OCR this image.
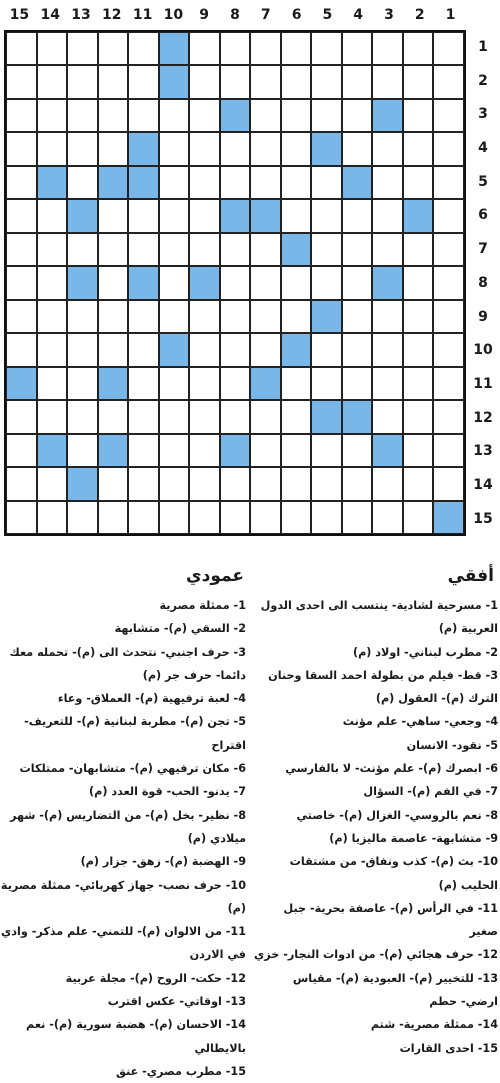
15 14 13 12 11 10	9	8	7	6	5	4	3	2	1
1
2
3
4
5
6
7
8
9
10
11
12
13
14
15
أفقي
1- مسرحية لشادية- ينتسب الى احدى الدول العربية (م)
2- مطرب لبناني- اولاد (م)
3- قط- فيلم من بطولة احمد السقا وحنان الترك (م)- العقول (م)
4- وجعي- ساهي- علم مؤنث
5- نقود- الانسان
6- ابصرك (م)- علم مؤنث- لا بالفارسي
7- في الفم (م)- السؤال
8- نعم بالروسي- الغزال (م)- خاصتي
9- متشابهة- عاصمة ماليزيا (م)
10- بث (م)- كذب ونفاق- من مشتقات الحليب (م)
11- في الرأس (م)- عاصفة بحرية- جبل صغير
12- حرف هجائي (م)- من ادوات النجار- خزي
13- للتخيير (م)- العبودية (م)- مقياس ارضي- حطم
14- ممثلة مصرية- شتم
15- احدى القارات
عمودي
1- ممثلة مصرية
2- السقي (م)- متشابهة
3- حرف اجنبي- نتحدث الى (م)- تحمله معك دائما- حرف جر (م)
4- لعبة ترفيهية (م)- العملاق- وعاء
5- تجن (م)- مطربة لبنانية (م)- للتعريف- اقتراح
6- مكان ترفيهي (م)- متشابهان- ممتلكات
7- يدنو- الحب- قوة العدد (م)
8- نظير- بخل (م)- من التضاريس (م)- شهر ميلادي (م)
9- الهضبة (م)- زهق- جزار (م)
10- حرف نصب- جهاز كهربائي- ممثلة مصرية (م)
11- من الالوان (م)- للتمني- علم مذكر- وادي في الاردن
12- حكت- الروح (م)- مجلة عربية
13- اوقاتي- عكس اقترب
14- الاحسان (م)- هضبة سورية (م)- نعم بالايطالي
15- مطرب مصري- عنق
